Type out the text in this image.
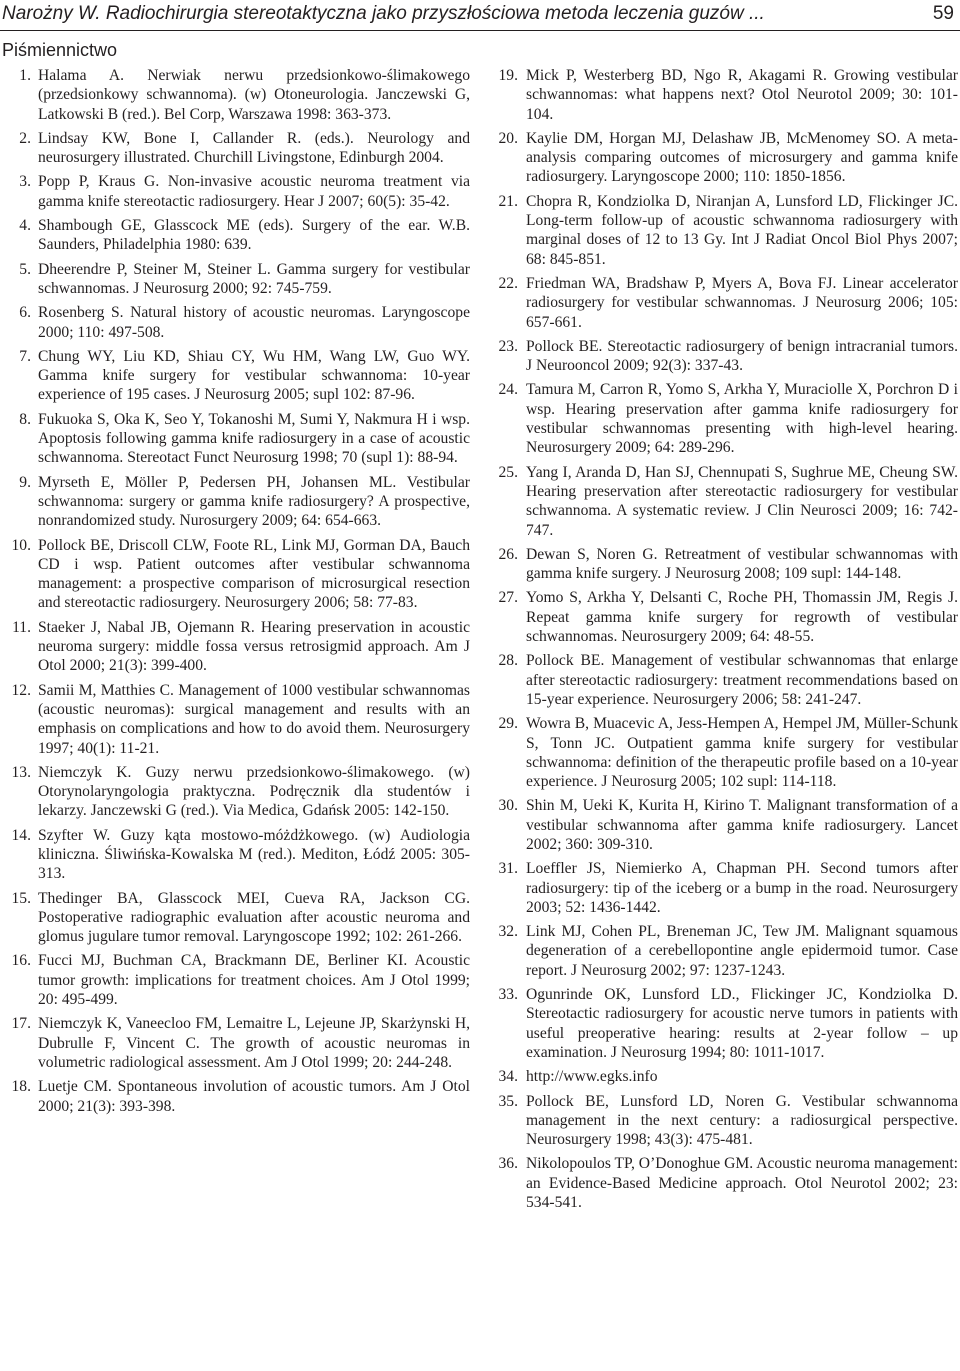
Narożny W. Radiochirurgia stereotaktyczna jako przyszłościowa metoda leczenia guzów ...	59
Piśmiennictwo
1. Halama A. Nerwiak nerwu przedsionkowo-ślimakowego (przedsionkowy schwannoma). (w) Otoneurologia. Janczewski G, Latkowski B (red.). Bel Corp, Warszawa 1998: 363-373.
2. Lindsay KW, Bone I, Callander R. (eds.). Neurology and neurosurgery illustrated. Churchill Livingstone, Edinburgh 2004.
3. Popp P, Kraus G. Non-invasive acoustic neuroma treatment via gamma knife stereotactic radiosurgery. Hear J 2007; 60(5): 35-42.
4. Shambough GE, Glasscock ME (eds). Surgery of the ear. W.B. Saunders, Philadelphia 1980: 639.
5. Dheerendre P, Steiner M, Steiner L. Gamma surgery for vestibular schwannomas. J Neurosurg 2000; 92: 745-759.
6. Rosenberg S. Natural history of acoustic neuromas. Laryngoscope 2000; 110: 497-508.
7. Chung WY, Liu KD, Shiau CY, Wu HM, Wang LW, Guo WY. Gamma knife surgery for vestibular schwannoma: 10-year experience of 195 cases. J Neurosurg 2005; supl 102: 87-96.
8. Fukuoka S, Oka K, Seo Y, Tokanoshi M, Sumi Y, Nakmura H i wsp. Apoptosis following gamma knife radiosurgery in a case of acoustic schwannoma. Stereotact Funct Neurosurg 1998; 70 (supl 1): 88-94.
9. Myrseth E, Möller P, Pedersen PH, Johansen ML. Vestibular schwannoma: surgery or gamma knife radiosurgery? A prospective, nonrandomized study. Nurosurgery 2009; 64: 654-663.
10. Pollock BE, Driscoll CLW, Foote RL, Link MJ, Gorman DA, Bauch CD i wsp. Patient outcomes after vestibular schwannoma management: a prospective comparison of microsurgical resection and stereotactic radiosurgery. Neurosurgery 2006; 58: 77-83.
11. Staeker J, Nabal JB, Ojemann R. Hearing preservation in acoustic neuroma surgery: middle fossa versus retrosigmid approach. Am J Otol 2000; 21(3): 399-400.
12. Samii M, Matthies C. Management of 1000 vestibular schwannomas (acoustic neuromas): surgical management and results with an emphasis on complications and how to do avoid them. Neurosurgery 1997; 40(1): 11-21.
13. Niemczyk K. Guzy nerwu przedsionkowo-ślimakowego. (w) Otorynolaryngologia praktyczna. Podręcznik dla studentów i lekarzy. Janczewski G (red.). Via Medica, Gdańsk 2005: 142-150.
14. Szyfter W. Guzy kąta mostowo-móżdżkowego. (w) Audiologia kliniczna. Śliwińska-Kowalska M (red.). Mediton, Łódź 2005: 305-313.
15. Thedinger BA, Glasscock MEI, Cueva RA, Jackson CG. Postoperative radiographic evaluation after acoustic neuroma and glomus jugulare tumor removal. Laryngoscope 1992; 102: 261-266.
16. Fucci MJ, Buchman CA, Brackmann DE, Berliner KI. Acoustic tumor growth: implications for treatment choices. Am J Otol 1999; 20: 495-499.
17. Niemczyk K, Vaneecloo FM, Lemaitre L, Lejeune JP, Skarżynski H, Dubrulle F, Vincent C. The growth of acoustic neuromas in volumetric radiological assessment. Am J Otol 1999; 20: 244-248.
18. Luetje CM. Spontaneous involution of acoustic tumors. Am J Otol 2000; 21(3): 393-398.
19. Mick P, Westerberg BD, Ngo R, Akagami R. Growing vestibular schwannomas: what happens next? Otol Neurotol 2009; 30: 101-104.
20. Kaylie DM, Horgan MJ, Delashaw JB, McMenomey SO. A meta-analysis comparing outcomes of microsurgery and gamma knife radiosurgery. Laryngoscope 2000; 110: 1850-1856.
21. Chopra R, Kondziolka D, Niranjan A, Lunsford LD, Flickinger JC. Long-term follow-up of acoustic schwannoma radiosurgery with marginal doses of 12 to 13 Gy. Int J Radiat Oncol Biol Phys 2007; 68: 845-851.
22. Friedman WA, Bradshaw P, Myers A, Bova FJ. Linear accelerator radiosurgery for vestibular schwannomas. J Neurosurg 2006; 105: 657-661.
23. Pollock BE. Stereotactic radiosurgery of benign intracranial tumors. J Neurooncol 2009; 92(3): 337-43.
24. Tamura M, Carron R, Yomo S, Arkha Y, Muraciolle X, Porchron D i wsp. Hearing preservation after gamma knife radiosurgery for vestibular schwannomas presenting with high-level hearing. Neurosurgery 2009; 64: 289-296.
25. Yang I, Aranda D, Han SJ, Chennupati S, Sughrue ME, Cheung SW. Hearing preservation after stereotactic radiosurgery for vestibular schwannoma. A systematic review. J Clin Neurosci 2009; 16: 742-747.
26. Dewan S, Noren G. Retreatment of vestibular schwannomas with gamma knife surgery. J Neurosurg 2008; 109 supl: 144-148.
27. Yomo S, Arkha Y, Delsanti C, Roche PH, Thomassin JM, Regis J. Repeat gamma knife surgery for regrowth of vestibular schwannomas. Neurosurgery 2009; 64: 48-55.
28. Pollock BE. Management of vestibular schwannomas that enlarge after stereotactic radiosurgery: treatment recommendations based on 15-year experience. Neurosurgery 2006; 58: 241-247.
29. Wowra B, Muacevic A, Jess-Hempen A, Hempel JM, Müller-Schunk S, Tonn JC. Outpatient gamma knife surgery for vestibular schwannoma: definition of the therapeutic profile based on a 10-year experience. J Neurosurg 2005; 102 supl: 114-118.
30. Shin M, Ueki K, Kurita H, Kirino T. Malignant transformation of a vestibular schwannoma after gamma knife radiosurgery. Lancet 2002; 360: 309-310.
31. Loeffler JS, Niemierko A, Chapman PH. Second tumors after radiosurgery: tip of the iceberg or a bump in the road. Neurosurgery 2003; 52: 1436-1442.
32. Link MJ, Cohen PL, Breneman JC, Tew JM. Malignant squamous degeneration of a cerebellopontine angle epidermoid tumor. Case report. J Neurosurg 2002; 97: 1237-1243.
33. Ogunrinde OK, Lunsford LD., Flickinger JC, Kondziolka D. Stereotactic radiosurgery for acoustic nerve tumors in patients with useful preoperative hearing: results at 2-year follow – up examination. J Neurosurg 1994; 80: 1011-1017.
34. http://www.egks.info
35. Pollock BE, Lunsford LD, Noren G. Vestibular schwannoma management in the next century: a radiosurgical perspective. Neurosurgery 1998; 43(3): 475-481.
36. Nikolopoulos TP, O’Donoghue GM. Acoustic neuroma management: an Evidence-Based Medicine approach. Otol Neurotol 2002; 23: 534-541.
